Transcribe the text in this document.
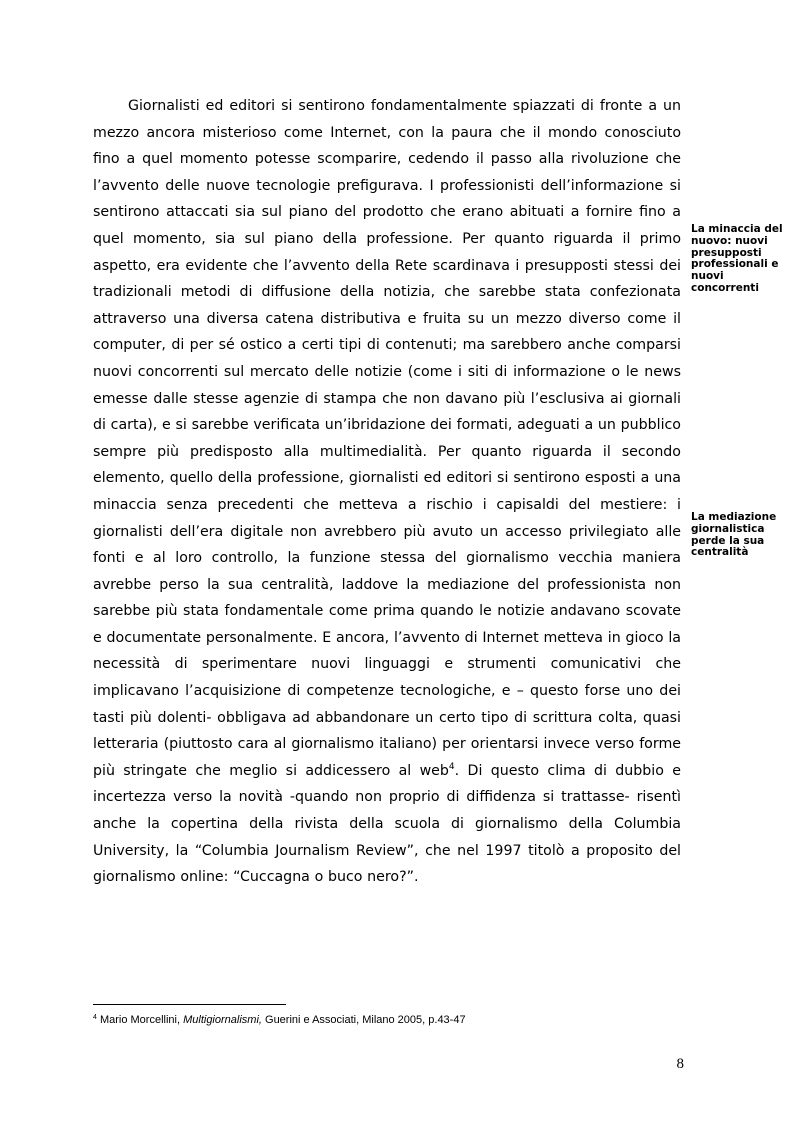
Giornalisti ed editori si sentirono fondamentalmente spiazzati di fronte a un mezzo ancora misterioso come Internet, con la paura che il mondo conosciuto fino a quel momento potesse scomparire, cedendo il passo alla rivoluzione che l’avvento delle nuove tecnologie prefigurava. I professionisti dell’informazione si sentirono attaccati sia sul piano del prodotto che erano abituati a fornire fino a quel momento, sia sul piano della professione. Per quanto riguarda il primo aspetto, era evidente che l’avvento della Rete scardinava i presupposti stessi dei tradizionali metodi di diffusione della notizia, che sarebbe stata confezionata attraverso una diversa catena distributiva e fruita su un mezzo diverso come il computer, di per sé ostico a certi tipi di contenuti; ma sarebbero anche comparsi nuovi concorrenti sul mercato delle notizie (come i siti di informazione o le news emesse dalle stesse agenzie di stampa che non davano più l’esclusiva ai giornali di carta), e si sarebbe verificata un’ibridazione dei formati, adeguati a un pubblico sempre più predisposto alla multimedialità. Per quanto riguarda il secondo elemento, quello della professione, giornalisti ed editori si sentirono esposti a una minaccia senza precedenti che metteva a rischio i capisaldi del mestiere: i giornalisti dell’era digitale non avrebbero più avuto un accesso privilegiato alle fonti e al loro controllo, la funzione stessa del giornalismo vecchia maniera avrebbe perso la sua centralità, laddove la mediazione del professionista non sarebbe più stata fondamentale come prima quando le notizie andavano scovate e documentate personalmente. E ancora, l’avvento di Internet metteva in gioco la necessità di sperimentare nuovi linguaggi e strumenti comunicativi che implicavano l’acquisizione di competenze tecnologiche, e – questo forse uno dei tasti più dolenti- obbligava ad abbandonare un certo tipo di scrittura colta, quasi letteraria (piuttosto cara al giornalismo italiano) per orientarsi invece verso forme più stringate che meglio si addicessero al web$^4$. Di questo clima di dubbio e incertezza verso la novità -quando non proprio di diffidenza si trattasse- risentì anche la copertina della rivista della scuola di giornalismo della Columbia University, la “Columbia Journalism Review”, che nel 1997 titolò a proposito del giornalismo online: “Cuccagna o buco nero?”.

La minaccia del nuovo: nuovi presupposti professionali e nuovi concorrenti

La mediazione giornalistica perde la sua centralità

$^4$ Mario Morcellini, Multigiornalismi, Guerini e Associati, Milano 2005, p.43-47

8
